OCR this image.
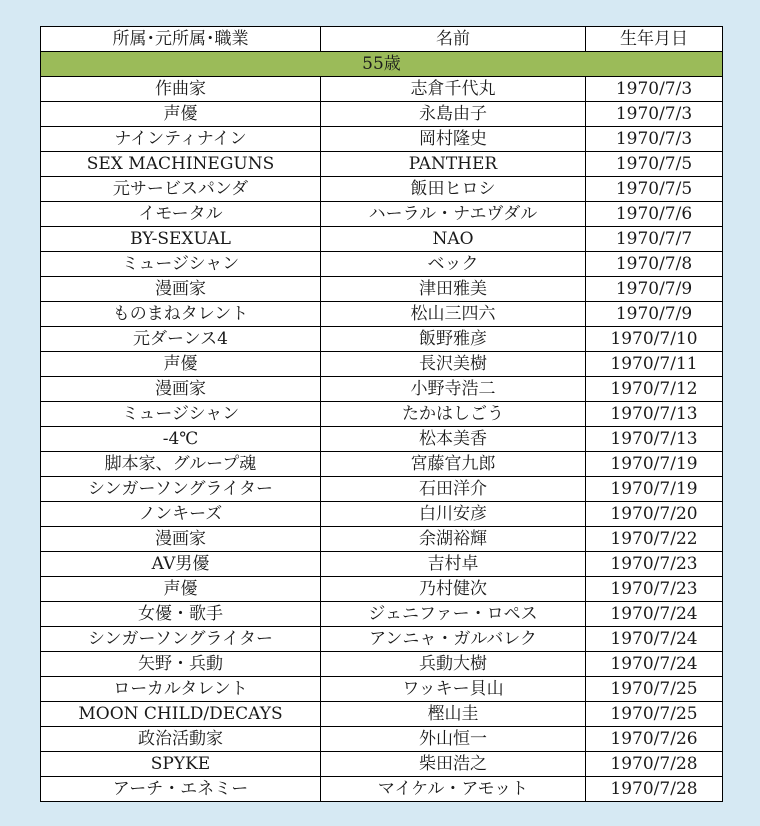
所属･元所属･職業	名前	生年月日
55歳		
作曲家	志倉千代丸	1970/7/3
声優	永島由子	1970/7/3
ナインティナイン	岡村隆史	1970/7/3
SEX MACHINEGUNS	PANTHER	1970/7/5
元サービスパンダ	飯田ヒロシ	1970/7/5
イモータル	ハーラル・ナエヴダル	1970/7/6
BY-SEXUAL	NAO	1970/7/7
ミュージシャン	ベック	1970/7/8
漫画家	津田雅美	1970/7/9
ものまねタレント	松山三四六	1970/7/9
元ダーンス4	飯野雅彦	1970/7/10
声優	長沢美樹	1970/7/11
漫画家	小野寺浩二	1970/7/12
ミュージシャン	たかはしごう	1970/7/13
-4℃	松本美香	1970/7/13
脚本家、グループ魂	宮藤官九郎	1970/7/19
シンガーソングライター	石田洋介	1970/7/19
ノンキーズ	白川安彦	1970/7/20
漫画家	余湖裕輝	1970/7/22
AV男優	吉村卓	1970/7/23
声優	乃村健次	1970/7/23
女優・歌手	ジェニファー・ロペス	1970/7/24
シンガーソングライター	アンニャ・ガルバレク	1970/7/24
矢野・兵動	兵動大樹	1970/7/24
ローカルタレント	ワッキー貝山	1970/7/25
MOON CHILD/DECAYS	樫山圭	1970/7/25
政治活動家	外山恒一	1970/7/26
SPYKE	柴田浩之	1970/7/28
アーチ・エネミー	マイケル・アモット	1970/7/28
